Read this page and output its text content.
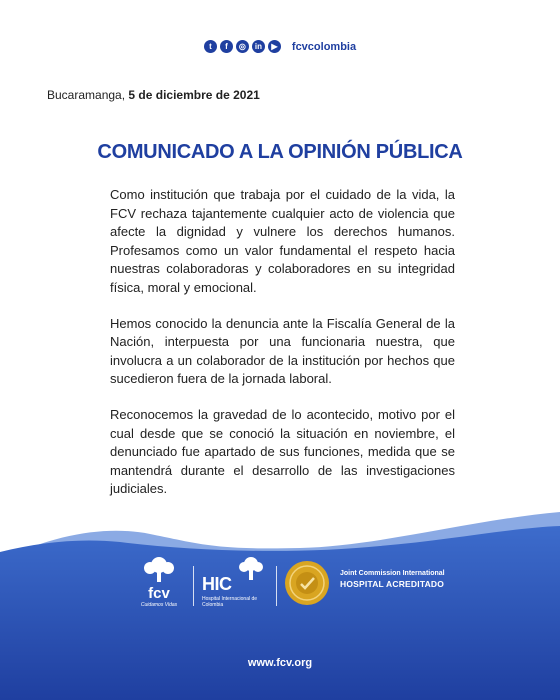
t	f	◎	in	▶	fcvcolombia
Bucaramanga, 5 de diciembre de 2021
COMUNICADO A LA OPINIÓN PÚBLICA

Como institución que trabaja por el cuidado de la vida, la FCV rechaza tajantemente cualquier acto de violencia que afecte la dignidad y vulnere los derechos humanos. Profesamos como un valor fundamental el respeto hacia nuestras colaboradoras y colaboradores en su integridad física, moral y emocional.

Hemos conocido la denuncia ante la Fiscalía General de la Nación, interpuesta por una funcionaria nuestra, que involucra a un colaborador de la institución por hechos que sucedieron fuera de la jornada laboral.

Reconocemos la gravedad de lo acontecido, motivo por el cual desde que se conoció la situación en noviembre, el denunciado fue apartado de sus funciones, medida que se mantendrá durante el desarrollo de las investigaciones judiciales.

fcv
Cuidamos Vidas
HIC
Hospital Internacional de Colombia
Joint Commission International
HOSPITAL ACREDITADO
www.fcv.org
